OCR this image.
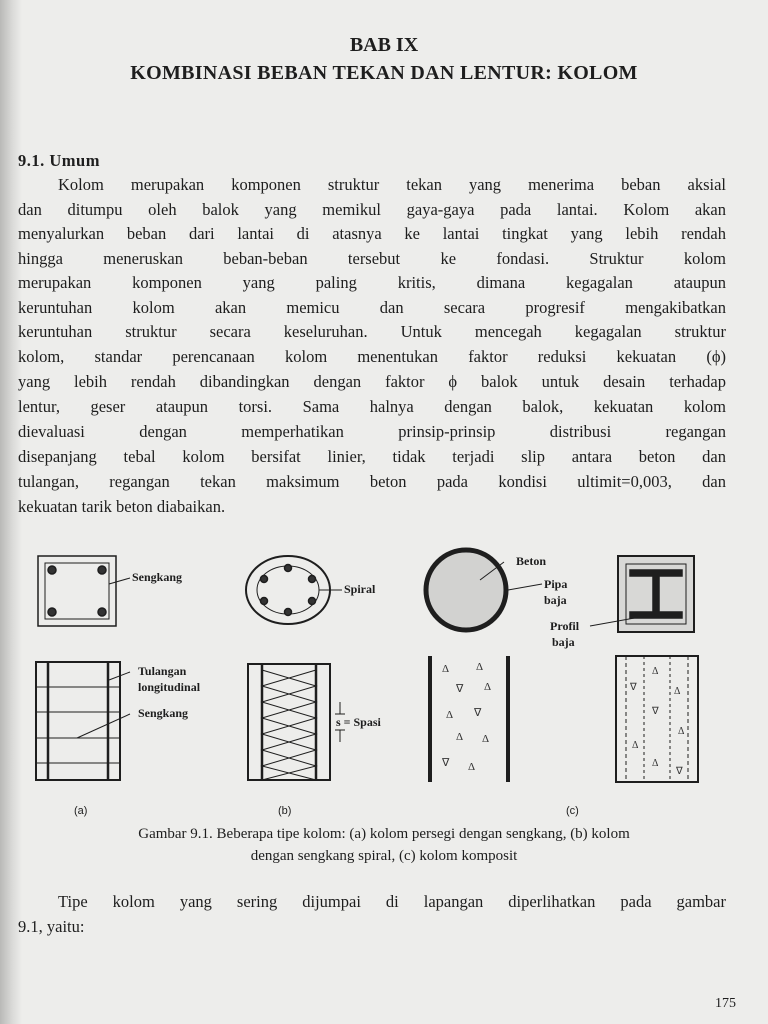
BAB IX
KOMBINASI BEBAN TEKAN DAN LENTUR: KOLOM
9.1. Umum
Kolom merupakan komponen struktur tekan yang menerima beban aksial
dan ditumpu oleh balok yang memikul gaya-gaya pada lantai. Kolom akan
menyalurkan beban dari lantai di atasnya ke lantai tingkat yang lebih rendah
hingga meneruskan beban-beban tersebut ke fondasi. Struktur kolom
merupakan komponen yang paling kritis, dimana kegagalan ataupun
keruntuhan kolom akan memicu dan secara progresif mengakibatkan
keruntuhan struktur secara keseluruhan. Untuk mencegah kegagalan struktur
kolom, standar perencanaan kolom menentukan faktor reduksi kekuatan (ϕ)
yang lebih rendah dibandingkan dengan faktor ϕ balok untuk desain terhadap
lentur, geser ataupun torsi. Sama halnya dengan balok, kekuatan kolom
dievaluasi dengan memperhatikan prinsip-prinsip distribusi regangan
disepanjang tebal kolom bersifat linier, tidak terjadi slip antara beton dan
tulangan, regangan tekan maksimum beton pada kondisi ultimit=0,003, dan
kekuatan tarik beton diabaikan.
Sengkang
Tulangan
longitudinal
Sengkang
Spiral
s = Spasi
Beton
Pipa
baja
Δ Δ
∇ Δ
Δ ∇
Δ Δ
∇ Δ
Profil
baja
Δ
∇	Δ
∇
Δ
Δ
Δ
∇
(a)	(b)	(c)
Gambar 9.1. Beberapa tipe kolom: (a) kolom persegi dengan sengkang, (b) kolom
dengan sengkang spiral, (c) kolom komposit
Tipe kolom yang sering dijumpai di lapangan diperlihatkan pada gambar
9.1, yaitu:
175
